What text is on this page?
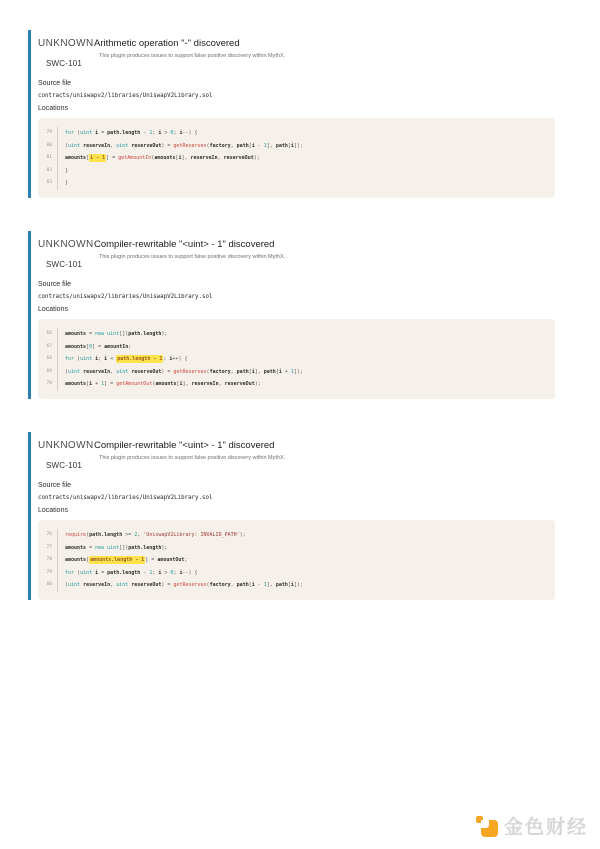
UNKNOWN
SWC-101
Arithmetic operation "-" discovered

This plugin produces issues to support false positive discovery within MythX.

Source file
contracts/uniswapv2/libraries/UniswapV2Library.sol
Locations
79	for (uint i = path.length - 1; i > 0; i--) {
80	(uint reserveIn, uint reserveOut) = getReserves(factory, path[i - 1], path[i]);
81	amounts[i - 1] = getAmountIn(amounts[i], reserveIn, reserveOut);
82	}
83	}
UNKNOWN
SWC-101
Compiler-rewritable "<uint> - 1" discovered

This plugin produces issues to support false positive discovery within MythX.

Source file
contracts/uniswapv2/libraries/UniswapV2Library.sol
Locations
66	amounts = new uint[](path.length);
67	amounts[0] = amountIn;
68	for (uint i; i < path.length - 1; i++) {
69	(uint reserveIn, uint reserveOut) = getReserves(factory, path[i], path[i + 1]);
70	amounts[i + 1] = getAmountOut(amounts[i], reserveIn, reserveOut);
UNKNOWN
SWC-101
Compiler-rewritable "<uint> - 1" discovered

This plugin produces issues to support false positive discovery within MythX.

Source file
contracts/uniswapv2/libraries/UniswapV2Library.sol
Locations
76	require(path.length >= 2, 'UniswapV2Library: INVALID_PATH');
77	amounts = new uint[](path.length);
78	amounts[amounts.length - 1] = amountOut;
79	for (uint i = path.length - 1; i > 0; i--) {
80	(uint reserveIn, uint reserveOut) = getReserves(factory, path[i - 1], path[i]);
金色财经
